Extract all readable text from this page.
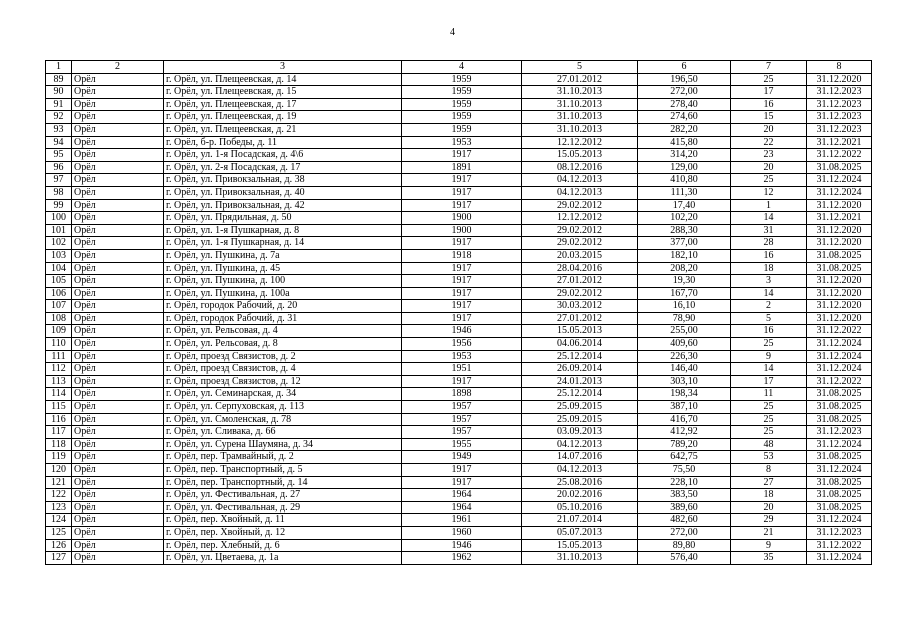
4
1	2	3	4	5	6	7	8
89	Орёл	г. Орёл, ул. Плещеевская, д. 14	1959	27.01.2012	196,50	25	31.12.2020
90	Орёл	г. Орёл, ул. Плещеевская, д. 15	1959	31.10.2013	272,00	17	31.12.2023
91	Орёл	г. Орёл, ул. Плещеевская, д. 17	1959	31.10.2013	278,40	16	31.12.2023
92	Орёл	г. Орёл, ул. Плещеевская, д. 19	1959	31.10.2013	274,60	15	31.12.2023
93	Орёл	г. Орёл, ул. Плещеевская, д. 21	1959	31.10.2013	282,20	20	31.12.2023
94	Орёл	г. Орёл, б-р. Победы, д. 11	1953	12.12.2012	415,80	22	31.12.2021
95	Орёл	г. Орёл, ул. 1-я Посадская, д. 4\6	1917	15.05.2013	314,20	23	31.12.2022
96	Орёл	г. Орёл, ул. 2-я Посадская, д. 17	1891	08.12.2016	129,00	20	31.08.2025
97	Орёл	г. Орёл, ул. Привокзальная, д. 38	1917	04.12.2013	410,80	25	31.12.2024
98	Орёл	г. Орёл, ул. Привокзальная, д. 40	1917	04.12.2013	111,30	12	31.12.2024
99	Орёл	г. Орёл, ул. Привокзальная, д. 42	1917	29.02.2012	17,40	1	31.12.2020
100	Орёл	г. Орёл, ул. Прядильная, д. 50	1900	12.12.2012	102,20	14	31.12.2021
101	Орёл	г. Орёл, ул. 1-я Пушкарная, д. 8	1900	29.02.2012	288,30	31	31.12.2020
102	Орёл	г. Орёл, ул. 1-я Пушкарная, д. 14	1917	29.02.2012	377,00	28	31.12.2020
103	Орёл	г. Орёл, ул. Пушкина, д. 7а	1918	20.03.2015	182,10	16	31.08.2025
104	Орёл	г. Орёл, ул. Пушкина, д. 45	1917	28.04.2016	208,20	18	31.08.2025
105	Орёл	г. Орёл, ул. Пушкина, д. 100	1917	27.01.2012	19,30	3	31.12.2020
106	Орёл	г. Орёл, ул. Пушкина, д. 100а	1917	29.02.2012	167,70	14	31.12.2020
107	Орёл	г. Орёл, городок Рабочий, д. 20	1917	30.03.2012	16,10	2	31.12.2020
108	Орёл	г. Орёл, городок Рабочий, д. 31	1917	27.01.2012	78,90	5	31.12.2020
109	Орёл	г. Орёл, ул. Рельсовая, д. 4	1946	15.05.2013	255,00	16	31.12.2022
110	Орёл	г. Орёл, ул. Рельсовая, д. 8	1956	04.06.2014	409,60	25	31.12.2024
111	Орёл	г. Орёл, проезд Связистов, д. 2	1953	25.12.2014	226,30	9	31.12.2024
112	Орёл	г. Орёл, проезд Связистов, д. 4	1951	26.09.2014	146,40	14	31.12.2024
113	Орёл	г. Орёл, проезд Связистов, д. 12	1917	24.01.2013	303,10	17	31.12.2022
114	Орёл	г. Орёл, ул. Семинарская, д. 34	1898	25.12.2014	198,34	11	31.08.2025
115	Орёл	г. Орёл, ул. Серпуховская, д. 113	1957	25.09.2015	387,10	25	31.08.2025
116	Орёл	г. Орёл, ул. Смоленская, д. 78	1957	25.09.2015	416,70	25	31.08.2025
117	Орёл	г. Орёл, ул. Сливака, д. 66	1957	03.09.2013	412,92	25	31.12.2023
118	Орёл	г. Орёл, ул. Сурена Шаумяна, д. 34	1955	04.12.2013	789,20	48	31.12.2024
119	Орёл	г. Орёл, пер. Трамвайный, д. 2	1949	14.07.2016	642,75	53	31.08.2025
120	Орёл	г. Орёл, пер. Транспортный, д. 5	1917	04.12.2013	75,50	8	31.12.2024
121	Орёл	г. Орёл, пер. Транспортный, д. 14	1917	25.08.2016	228,10	27	31.08.2025
122	Орёл	г. Орёл, ул. Фестивальная, д. 27	1964	20.02.2016	383,50	18	31.08.2025
123	Орёл	г. Орёл, ул. Фестивальная, д. 29	1964	05.10.2016	389,60	20	31.08.2025
124	Орёл	г. Орёл, пер. Хвойный, д. 11	1961	21.07.2014	482,60	29	31.12.2024
125	Орёл	г. Орёл, пер. Хвойный, д. 12	1960	05.07.2013	272,00	21	31.12.2023
126	Орёл	г. Орёл, пер. Хлебный, д. 6	1946	15.05.2013	89,80	9	31.12.2022
127	Орёл	г. Орёл, ул. Цветаева, д. 1а	1962	31.10.2013	576,40	35	31.12.2024
